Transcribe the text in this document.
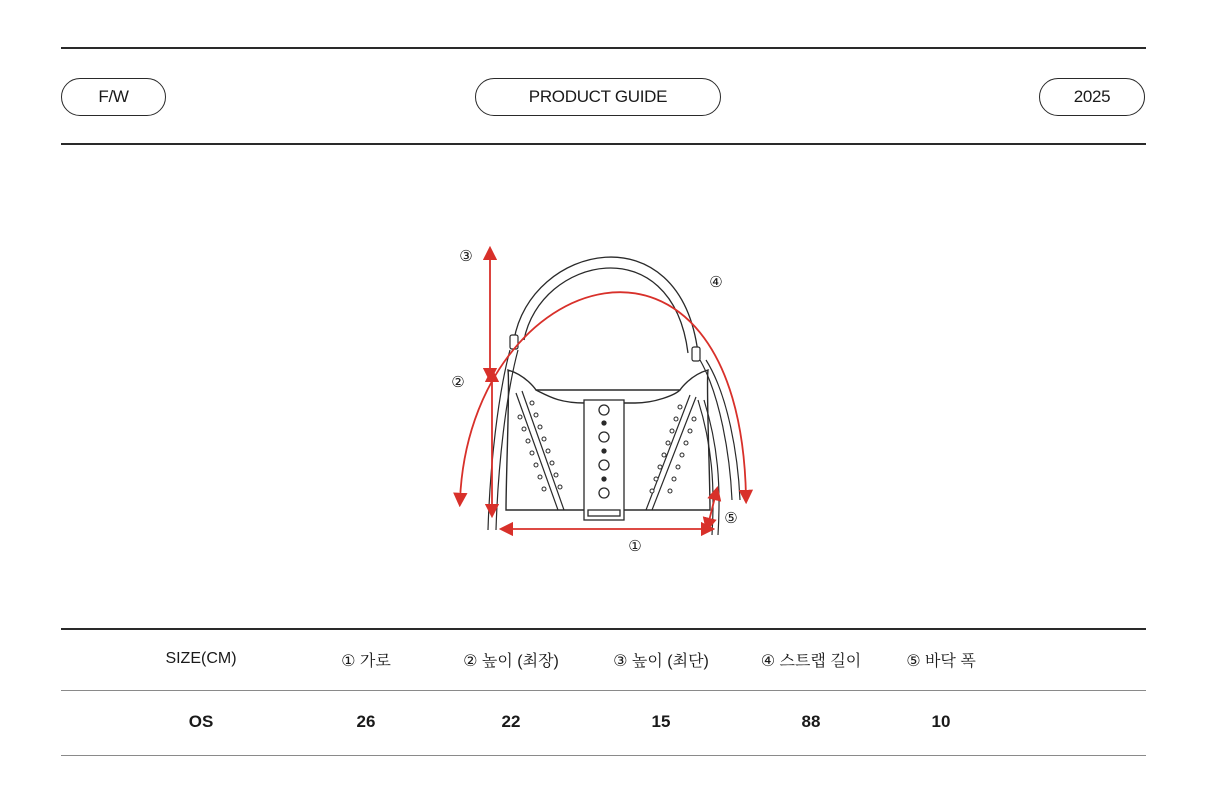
F/W	PRODUCT GUIDE	2025
①
②
③
④
⑤
SIZE(CM)	① 가로	② 높이 (최장)	③ 높이 (최단)	④ 스트랩 길이	⑤ 바닥 폭
OS	26	22	15	88	10
